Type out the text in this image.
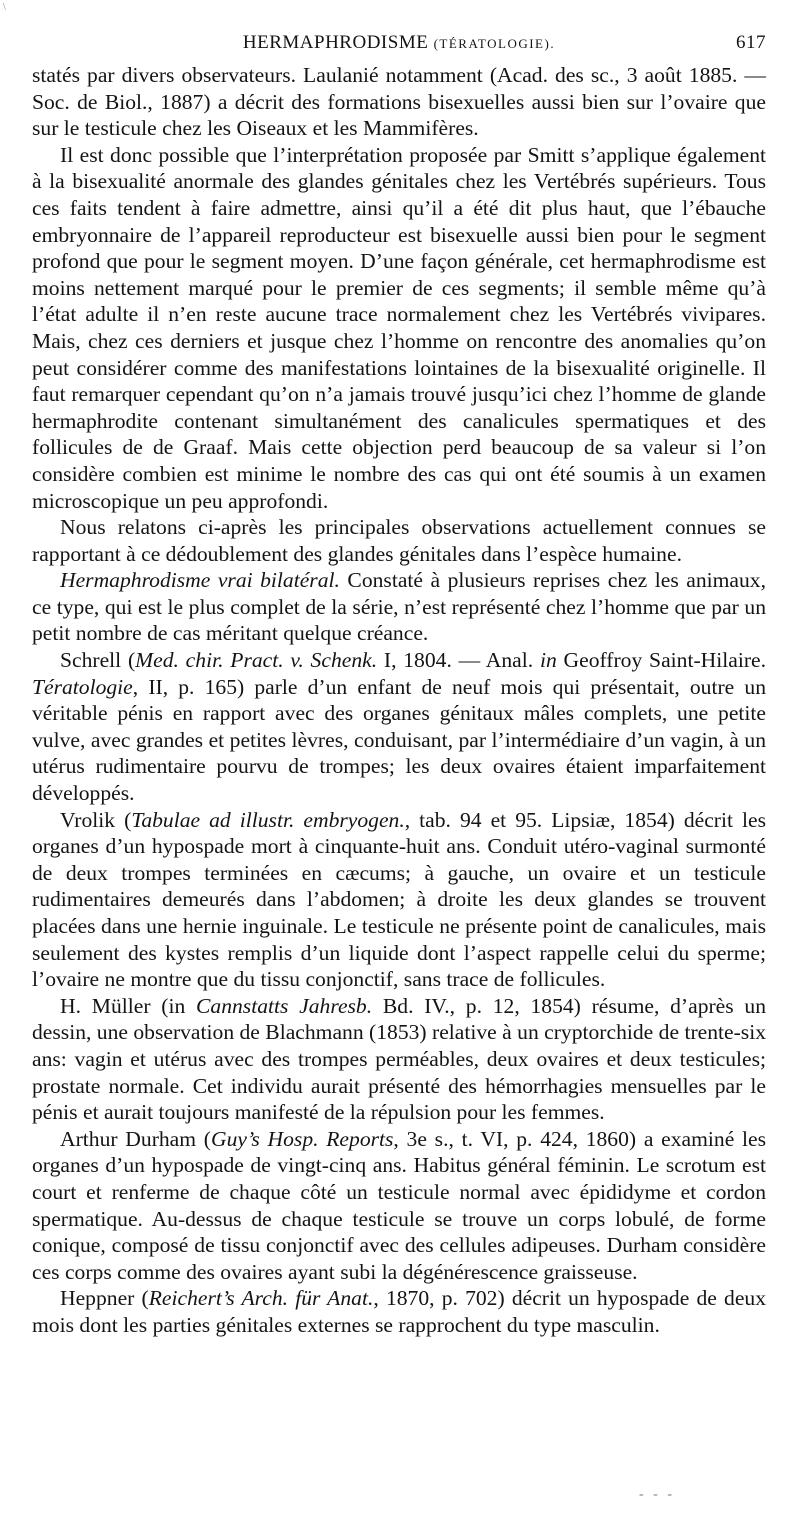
\
HERMAPHRODISME (TÉRATOLOGIE).	617

statés par divers observateurs. Laulanié notamment (Acad. des sc., 3 août 1885. — Soc. de Biol., 1887) a décrit des formations bisexuelles aussi bien sur l’ovaire que sur le testicule chez les Oiseaux et les Mammifères.

Il est donc possible que l’interprétation proposée par Smitt s’applique également à la bisexualité anormale des glandes génitales chez les Vertébrés supérieurs. Tous ces faits tendent à faire admettre, ainsi qu’il a été dit plus haut, que l’ébauche embryonnaire de l’appareil reproducteur est bisexuelle aussi bien pour le segment profond que pour le segment moyen. D’une façon générale, cet hermaphrodisme est moins nettement marqué pour le premier de ces segments; il semble même qu’à l’état adulte il n’en reste aucune trace normalement chez les Vertébrés vivipares. Mais, chez ces derniers et jusque chez l’homme on rencontre des anomalies qu’on peut considérer comme des manifestations lointaines de la bisexualité originelle. Il faut remarquer cependant qu’on n’a jamais trouvé jusqu’ici chez l’homme de glande hermaphrodite contenant simultanément des canalicules spermatiques et des follicules de de Graaf. Mais cette objection perd beaucoup de sa valeur si l’on considère combien est minime le nombre des cas qui ont été soumis à un examen microscopique un peu approfondi.

Nous relatons ci-après les principales observations actuellement connues se rapportant à ce dédoublement des glandes génitales dans l’espèce humaine.

Hermaphrodisme vrai bilatéral. Constaté à plusieurs reprises chez les animaux, ce type, qui est le plus complet de la série, n’est représenté chez l’homme que par un petit nombre de cas méritant quelque créance.

Schrell (Med. chir. Pract. v. Schenk. I, 1804. — Anal. in Geoffroy Saint-Hilaire. Tératologie, II, p. 165) parle d’un enfant de neuf mois qui présentait, outre un véritable pénis en rapport avec des organes génitaux mâles complets, une petite vulve, avec grandes et petites lèvres, conduisant, par l’intermédiaire d’un vagin, à un utérus rudimentaire pourvu de trompes; les deux ovaires étaient imparfaitement développés.

Vrolik (Tabulae ad illustr. embryogen., tab. 94 et 95. Lipsiæ, 1854) décrit les organes d’un hypospade mort à cinquante-huit ans. Conduit utéro-vaginal surmonté de deux trompes terminées en cæcums; à gauche, un ovaire et un testicule rudimentaires demeurés dans l’abdomen; à droite les deux glandes se trouvent placées dans une hernie inguinale. Le testicule ne présente point de canalicules, mais seulement des kystes remplis d’un liquide dont l’aspect rappelle celui du sperme; l’ovaire ne montre que du tissu conjonctif, sans trace de follicules.

H. Müller (in Cannstatts Jahresb. Bd. IV., p. 12, 1854) résume, d’après un dessin, une observation de Blachmann (1853) relative à un cryptorchide de trente-six ans: vagin et utérus avec des trompes perméables, deux ovaires et deux testicules; prostate normale. Cet individu aurait présenté des hémorrhagies mensuelles par le pénis et aurait toujours manifesté de la répulsion pour les femmes.

Arthur Durham (Guy’s Hosp. Reports, 3e s., t. VI, p. 424, 1860) a examiné les organes d’un hypospade de vingt-cinq ans. Habitus général féminin. Le scrotum est court et renferme de chaque côté un testicule normal avec épididyme et cordon spermatique. Au-dessus de chaque testicule se trouve un corps lobulé, de forme conique, composé de tissu conjonctif avec des cellules adipeuses. Durham considère ces corps comme des ovaires ayant subi la dégénérescence graisseuse.

Heppner (Reichert’s Arch. für Anat., 1870, p. 702) décrit un hypospade de deux mois dont les parties génitales externes se rapprochent du type masculin.

- - -
